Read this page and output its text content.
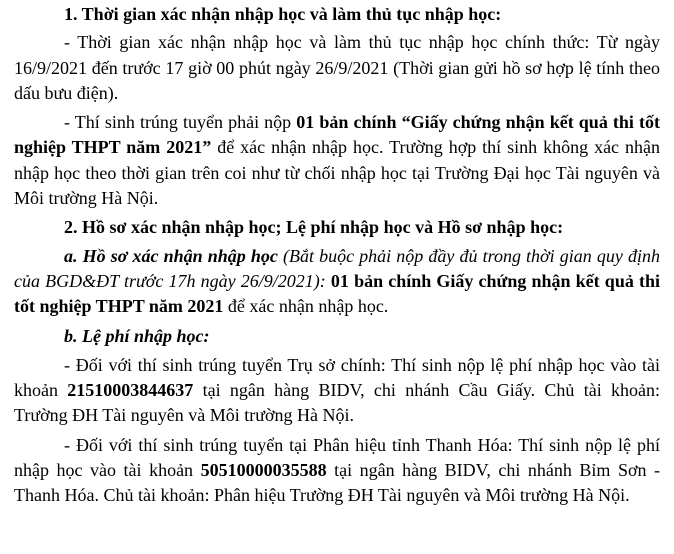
1. Thời gian xác nhận nhập học và làm thủ tục nhập học:

- Thời gian xác nhận nhập học và làm thủ tục nhập học chính thức: Từ ngày 16/9/2021 đến trước 17 giờ 00 phút ngày 26/9/2021 (Thời gian gửi hồ sơ hợp lệ tính theo dấu bưu điện).

- Thí sinh trúng tuyển phải nộp 01 bản chính “Giấy chứng nhận kết quả thi tốt nghiệp THPT năm 2021” để xác nhận nhập học. Trường hợp thí sinh không xác nhận nhập học theo thời gian trên coi như từ chối nhập học tại Trường Đại học Tài nguyên và Môi trường Hà Nội.

2. Hồ sơ xác nhận nhập học; Lệ phí nhập học và Hồ sơ nhập học:

a. Hồ sơ xác nhận nhập học (Bắt buộc phải nộp đầy đủ trong thời gian quy định của BGD&ĐT trước 17h ngày 26/9/2021): 01 bản chính Giấy chứng nhận kết quả thi tốt nghiệp THPT năm 2021 để xác nhận nhập học.

b. Lệ phí nhập học:

- Đối với thí sinh trúng tuyển Trụ sở chính: Thí sinh nộp lệ phí nhập học vào tài khoản 21510003844637 tại ngân hàng BIDV, chi nhánh Cầu Giấy. Chủ tài khoản: Trường ĐH Tài nguyên và Môi trường Hà Nội.

- Đối với thí sinh trúng tuyển tại Phân hiệu tỉnh Thanh Hóa: Thí sinh nộp lệ phí nhập học vào tài khoản 50510000035588 tại ngân hàng BIDV, chi nhánh Bỉm Sơn - Thanh Hóa. Chủ tài khoản: Phân hiệu Trường ĐH Tài nguyên và Môi trường Hà Nội.
